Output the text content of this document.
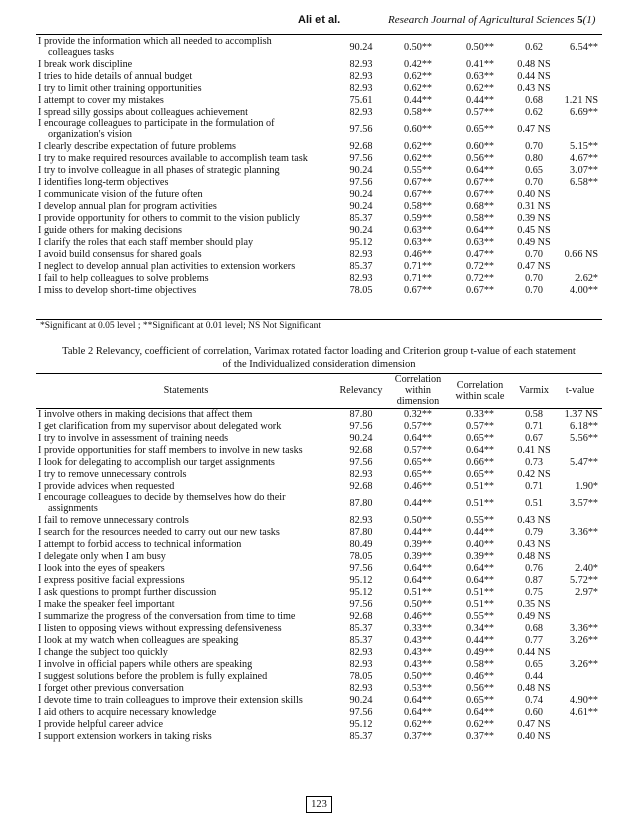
Ali et al.	Research Journal of Agricultural Sciences 5(1)
I provide the information which all needed to accomplish
colleagues tasks	90.24	0.50**	0.50**	0.62	6.54**

I break work discipline	82.93	0.42**	0.41**	0.48 NS	

I tries to hide details of annual budget	82.93	0.62**	0.63**	0.44 NS	

I try to limit other training opportunities	82.93	0.62**	0.62**	0.43 NS	

I attempt to cover my mistakes	75.61	0.44**	0.44**	0.68	1.21 NS

I spread silly gossips about colleagues achievement	82.93	0.58**	0.57**	0.62	6.69**

I encourage colleagues to participate in the formulation of
organization's vision	97.56	0.60**	0.65**	0.47 NS	

I clearly describe expectation of future problems	92.68	0.62**	0.60**	0.70	5.15**

I try to make required resources available to accomplish team task	97.56	0.62**	0.56**	0.80	4.67**

I try to involve colleague in all phases of strategic planning	90.24	0.55**	0.64**	0.65	3.07**

I identifies long-term objectives	97.56	0.67**	0.67**	0.70	6.58**

I communicate vision of the future often	90.24	0.67**	0.67**	0.40 NS	

I develop annual plan for program activities	90.24	0.58**	0.68**	0.31 NS	

I provide opportunity for others to commit to the vision publicly	85.37	0.59**	0.58**	0.39 NS	

I guide others for making decisions	90.24	0.63**	0.64**	0.45 NS	

I clarify the roles that each staff member should play	95.12	0.63**	0.63**	0.49 NS	

I avoid build consensus for shared goals	82.93	0.46**	0.47**	0.70	0.66 NS

I neglect to develop annual plan activities to extension workers	85.37	0.71**	0.72**	0.47 NS	

I fail to help colleagues to solve problems	82.93	0.71**	0.72**	0.70	2.62*

I miss to develop short-time objectives	78.05	0.67**	0.67**	0.70	4.00**
*Significant at 0.05 level ; **Significant at 0.01 level; NS Not Significant
Table 2 Relevancy, coefficient of correlation, Varimax rotated factor loading and Criterion group t-value of each statement
of the Individualized consideration dimension
Statements	Relevancy	Correlation within dimension	Correlation within scale	Varmix	t-value

I involve others in making decisions that affect them	87.80	0.32**	0.33**	0.58	1.37 NS

I get clarification from my supervisor about delegated work	97.56	0.57**	0.57**	0.71	6.18**

I try to involve in assessment of training needs	90.24	0.64**	0.65**	0.67	5.56**

I provide opportunities for staff members to involve in new tasks	92.68	0.57**	0.64**	0.41 NS	

I look for delegating to accomplish our target assignments	97.56	0.65**	0.66**	0.73	5.47**

I try to remove unnecessary controls	82.93	0.65**	0.65**	0.42 NS	

I provide advices when requested	92.68	0.46**	0.51**	0.71	1.90*

I encourage colleagues to decide by themselves how do their
assignments	87.80	0.44**	0.51**	0.51	3.57**

I fail to remove unnecessary controls	82.93	0.50**	0.55**	0.43 NS	

I search for the resources needed to carry out our new tasks	87.80	0.44**	0.44**	0.79	3.36**

I attempt to forbid access to technical information	80.49	0.39**	0.40**	0.43 NS	

I delegate only when I am busy	78.05	0.39**	0.39**	0.48 NS	

I look into the eyes of speakers	97.56	0.64**	0.64**	0.76	2.40*

I express positive facial expressions	95.12	0.64**	0.64**	0.87	5.72**

I ask questions to prompt further discussion	95.12	0.51**	0.51**	0.75	2.97*

I make the speaker feel important	97.56	0.50**	0.51**	0.35 NS	

I summarize the progress of the conversation from time to time	92.68	0.46**	0.55**	0.49 NS	

I listen to opposing views without expressing defensiveness	85.37	0.33**	0.34**	0.68	3.36**

I look at my watch when colleagues are speaking	85.37	0.43**	0.44**	0.77	3.26**

I change the subject too quickly	82.93	0.43**	0.49**	0.44 NS	

I involve in official papers while others are speaking	82.93	0.43**	0.58**	0.65	3.26**

I suggest solutions before the problem is fully explained	78.05	0.50**	0.46**	0.44	

I forget other previous conversation	82.93	0.53**	0.56**	0.48 NS	

I devote time to train colleagues to improve their extension skills	90.24	0.64**	0.65**	0.74	4.90**

I aid others to acquire necessary knowledge	97.56	0.64**	0.64**	0.60	4.61**

I provide helpful career advice	95.12	0.62**	0.62**	0.47 NS	

I support extension workers in taking risks	85.37	0.37**	0.37**	0.40 NS	
123
